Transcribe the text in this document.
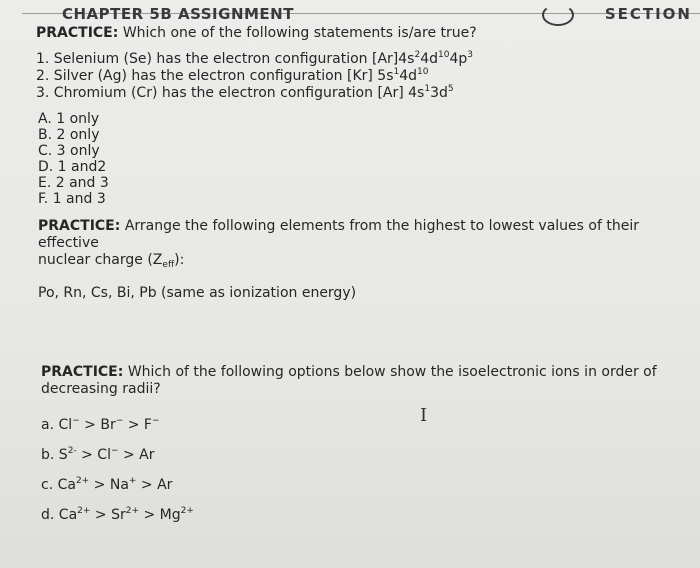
CHAPTER 5B ASSIGNMENT	SECTION
PRACTICE: Which one of the following statements is/are true?
1. Selenium (Se) has the electron configuration $[Ar]4s^24d^{10}4p^3$
2. Silver (Ag) has the electron configuration [Kr] $5s^14d^{10}$
3. Chromium (Cr) has the electron configuration [Ar] $4s^13d^5$
A. 1 only
B. 2 only
C. 3 only
D. 1 and2
E. 2 and 3
F. 1 and 3
PRACTICE: Arrange the following elements from the highest to lowest values of their effective
nuclear charge $(Z_{eff})$:
Po, Rn, Cs, Bi, Pb (same as ionization energy)
PRACTICE: Which of the following options below show the isoelectronic ions in order of
decreasing radii?
a. Cl− > Br− > F−
b. $S^{2-} > Cl^- > Ar$
c. $Ca^{2+} > Na^+ > Ar$
d. $Ca^{2+} > Sr^{2+} > Mg^{2+}$
I
